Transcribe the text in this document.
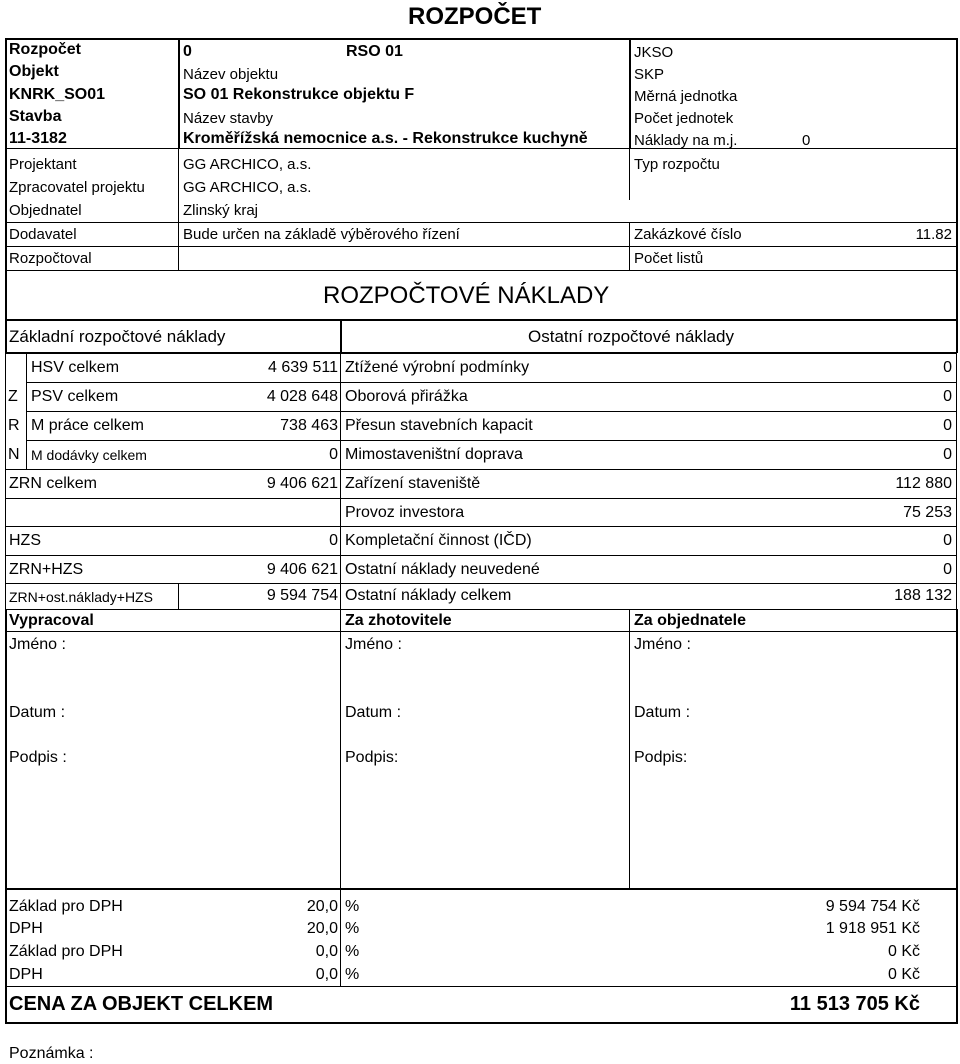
ROZPOČET
Rozpočet	0	RSO 01	JKSO
Objekt	Název objektu	SKP
KNRK_SO01	SO 01 Rekonstrukce objektu F	Měrná jednotka
Stavba	Název stavby	Počet jednotek
11-3182	Kroměřížská nemocnice a.s. - Rekonstrukce kuchyně	Náklady na m.j.	0
Projektant	GG ARCHICO, a.s.	Typ rozpočtu
Zpracovatel projektu	GG ARCHICO, a.s.
Objednatel	Zlinský kraj
Dodavatel	Bude určen na základě výběrového řízení	Zakázkové číslo	11.82
Rozpočtoval	Počet listů
ROZPOČTOVÉ NÁKLADY
Základní rozpočtové náklady	Ostatní rozpočtové náklady
Z
R
N
HSV celkem	4 639 511 Ztížené výrobní podmínky	0
PSV celkem	4 028 648 Oborová přirážka	0
M práce celkem	738 463 Přesun stavebních kapacit	0
M dodávky celkem	0 Mimostaveništní doprava	0
ZRN celkem	9 406 621 Zařízení staveniště	112 880
Provoz investora	75 253
HZS	0 Kompletační činnost (IČD)	0
ZRN+HZS	9 406 621 Ostatní náklady neuvedené	0
ZRN+ost.náklady+HZS	9 594 754 Ostatní náklady celkem	188 132
Vypracoval	Za zhotovitele	Za objednatele
Jméno :	Jméno :	Jméno :
Datum :	Datum :	Datum :
Podpis :	Podpis:	Podpis:
Základ pro DPH	20,0 %	9 594 754 Kč
DPH	20,0 %	1 918 951 Kč
Základ pro DPH	0,0 %	0 Kč
DPH	0,0 %	0 Kč
CENA ZA OBJEKT CELKEM	11 513 705 Kč
Poznámka :
